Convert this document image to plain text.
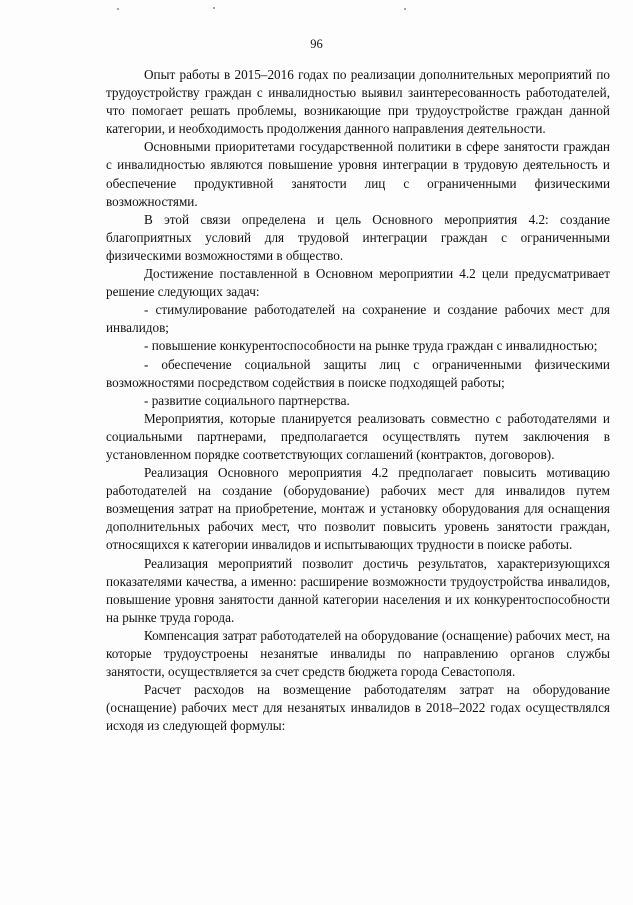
96

Опыт работы в 2015–2016 годах по реализации дополнительных мероприятий по трудоустройству граждан с инвалидностью выявил заинтересованность работодателей, что помогает решать проблемы, возникающие при трудоустройстве граждан данной категории, и необходимость продолжения данного направления деятельности.

Основными приоритетами государственной политики в сфере занятости граждан с инвалидностью являются повышение уровня интеграции в трудовую деятельность и обеспечение продуктивной занятости лиц с ограниченными физическими возможностями.

В этой связи определена и цель Основного мероприятия 4.2: создание благоприятных условий для трудовой интеграции граждан с ограниченными физическими возможностями в общество.

Достижение поставленной в Основном мероприятии 4.2 цели предусматривает решение следующих задач:

- стимулирование работодателей на сохранение и создание рабочих мест для инвалидов;

- повышение конкурентоспособности на рынке труда граждан с инвалидностью;

- обеспечение социальной защиты лиц с ограниченными физическими возможностями посредством содействия в поиске подходящей работы;

- развитие социального партнерства.

Мероприятия, которые планируется реализовать совместно с работодателями и социальными партнерами, предполагается осуществлять путем заключения в установленном порядке соответствующих соглашений (контрактов, договоров).

Реализация Основного мероприятия 4.2 предполагает повысить мотивацию работодателей на создание (оборудование) рабочих мест для инвалидов путем возмещения затрат на приобретение, монтаж и установку оборудования для оснащения дополнительных рабочих мест, что позволит повысить уровень занятости граждан, относящихся к категории инвалидов и испытывающих трудности в поиске работы.

Реализация мероприятий позволит достичь результатов, характеризующихся показателями качества, а именно: расширение возможности трудоустройства инвалидов, повышение уровня занятости данной категории населения и их конкурентоспособности на рынке труда города.

Компенсация затрат работодателей на оборудование (оснащение) рабочих мест, на которые трудоустроены незанятые инвалиды по направлению органов службы занятости, осуществляется за счет средств бюджета города Севастополя.

Расчет расходов на возмещение работодателям затрат на оборудование (оснащение) рабочих мест для незанятых инвалидов в 2018–2022 годах осуществлялся исходя из следующей формулы:
